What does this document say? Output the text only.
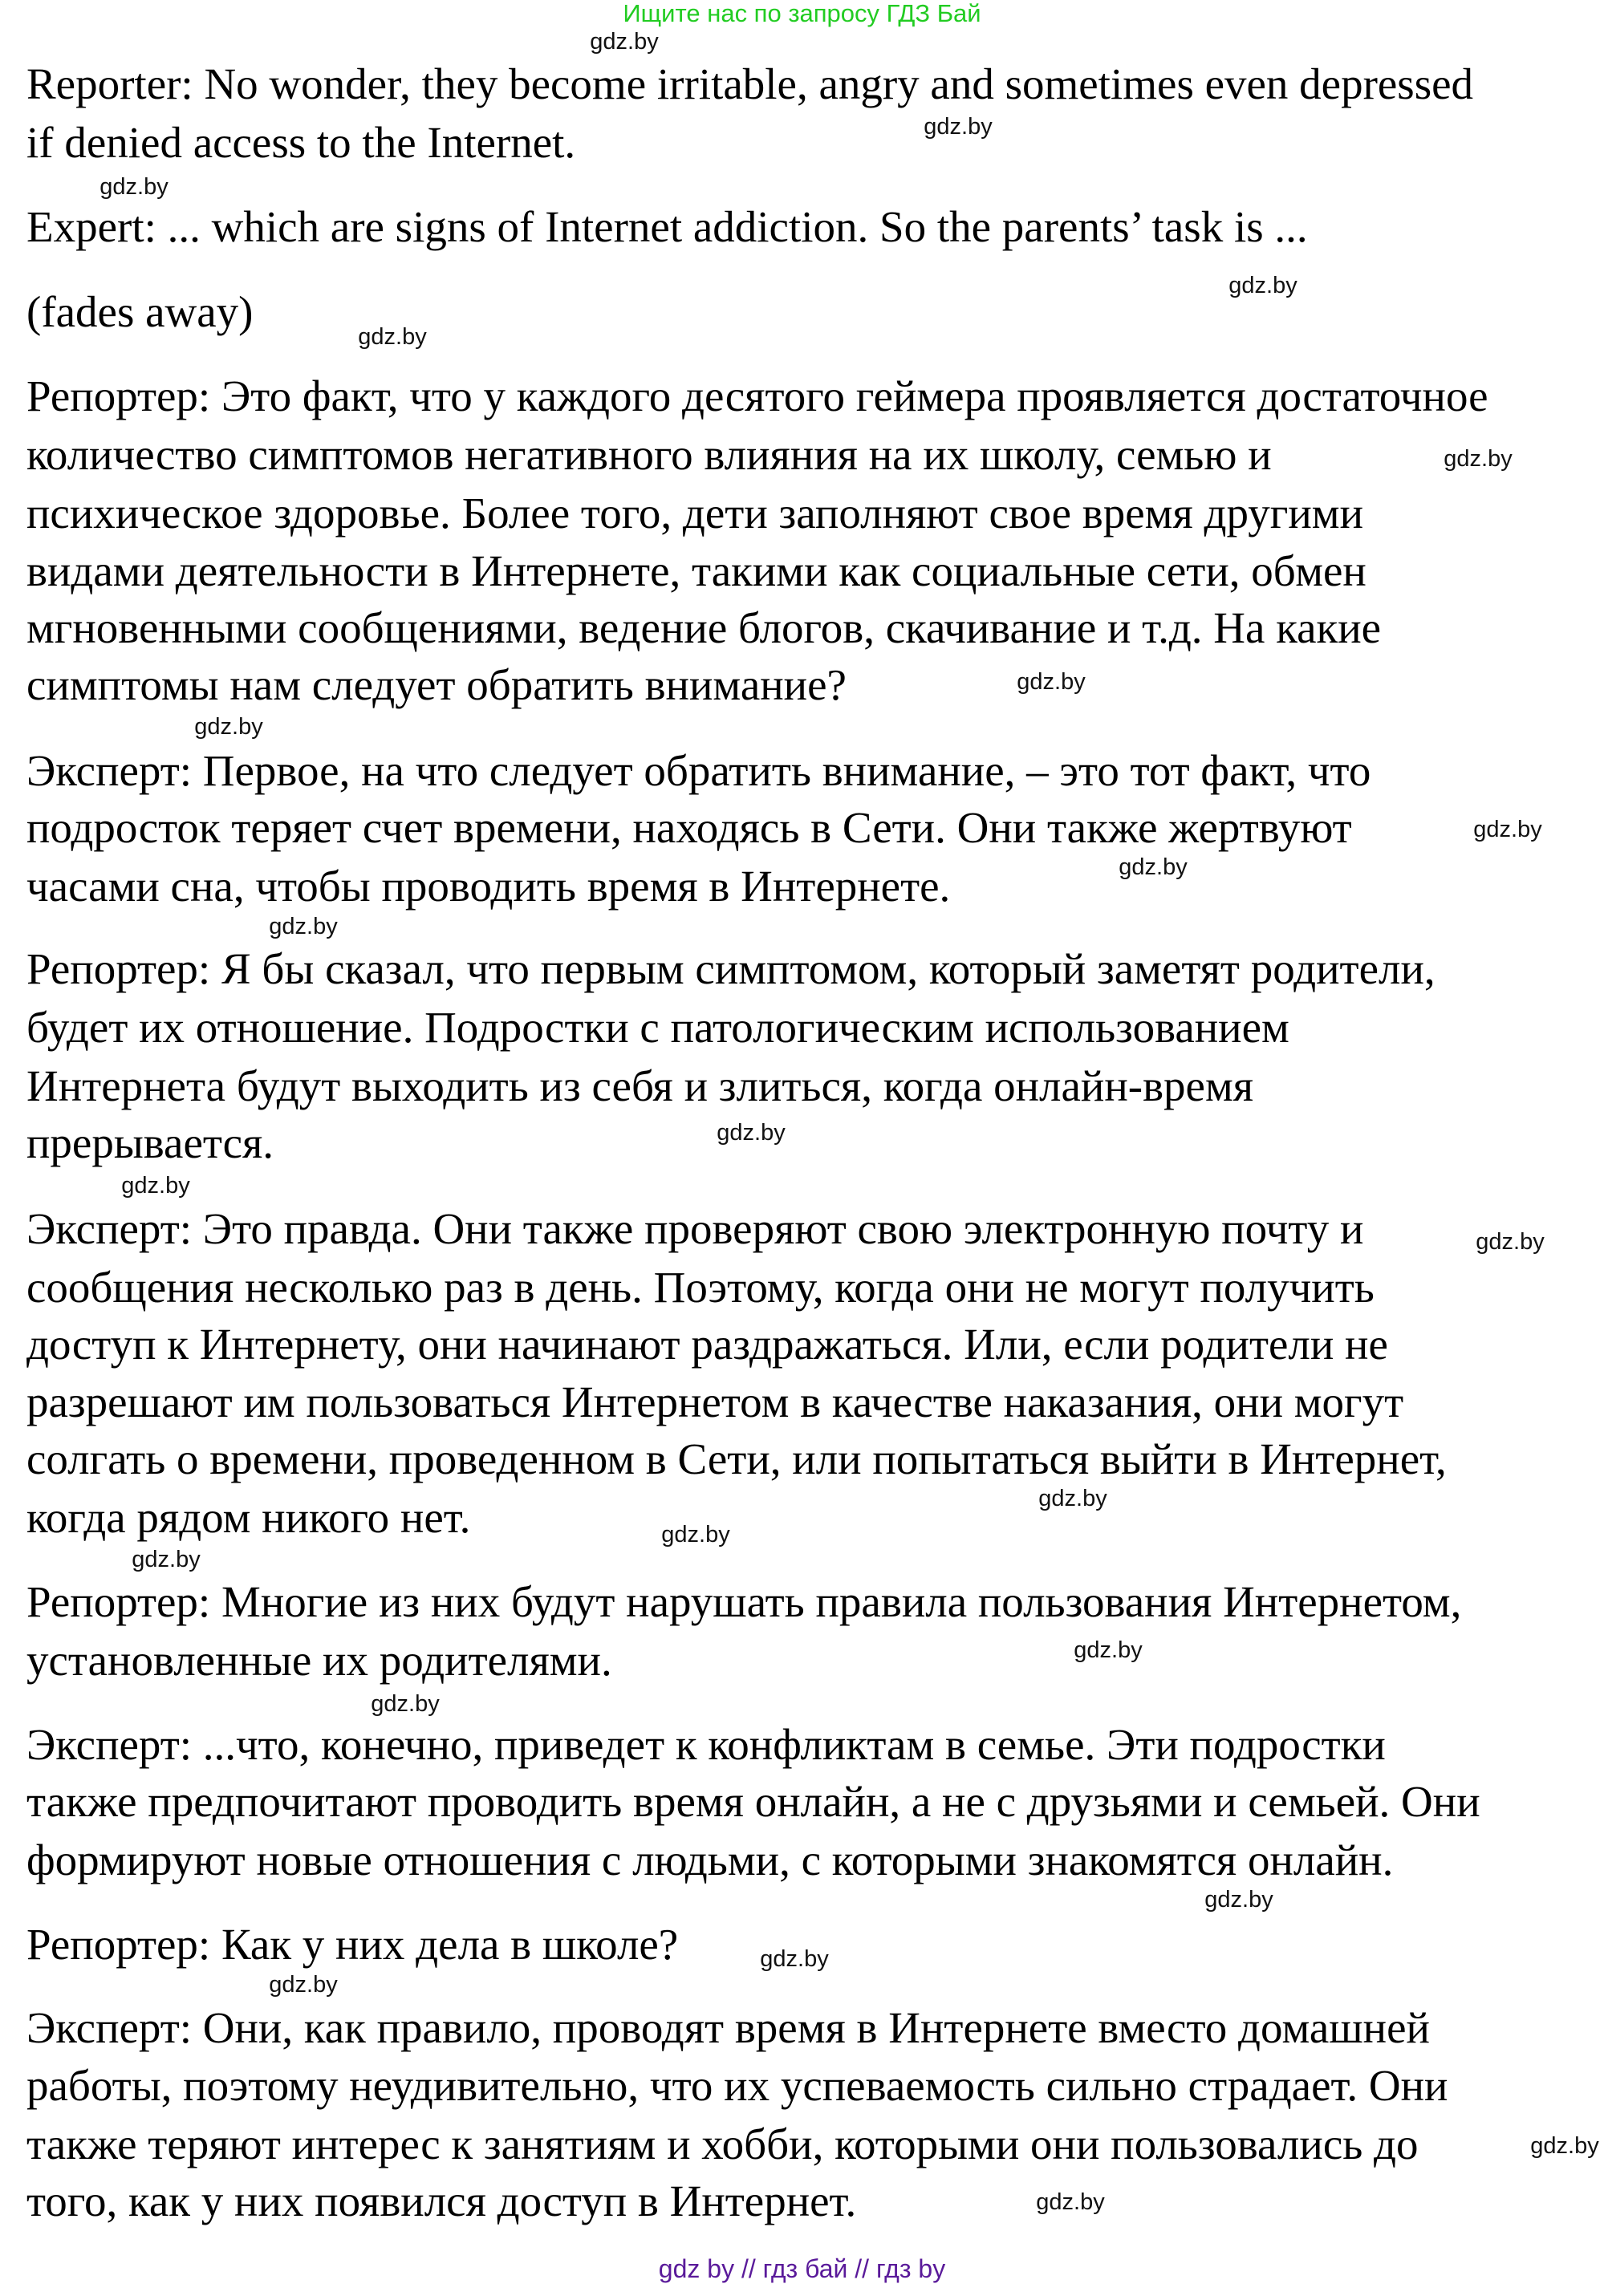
Ищите нас по запросу ГДЗ Бай
Reporter: No wonder, they become irritable, angry and sometimes even depressed
if denied access to the Internet.
Expert: ... which are signs of Internet addiction. So the parents’ task is ...
(fades away)
Репортер: Это факт, что у каждого десятого геймера проявляется достаточное
количество симптомов негативного влияния на их школу, семью и
психическое здоровье. Более того, дети заполняют свое время другими
видами деятельности в Интернете, такими как социальные сети, обмен
мгновенными сообщениями, ведение блогов, скачивание и т.д. На какие
симптомы нам следует обратить внимание?
Эксперт: Первое, на что следует обратить внимание, – это тот факт, что
подросток теряет счет времени, находясь в Сети. Они также жертвуют
часами сна, чтобы проводить время в Интернете.
Репортер: Я бы сказал, что первым симптомом, который заметят родители,
будет их отношение. Подростки с патологическим использованием
Интернета будут выходить из себя и злиться, когда онлайн-время
прерывается.
Эксперт: Это правда. Они также проверяют свою электронную почту и
сообщения несколько раз в день. Поэтому, когда они не могут получить
доступ к Интернету, они начинают раздражаться. Или, если родители не
разрешают им пользоваться Интернетом в качестве наказания, они могут
солгать о времени, проведенном в Сети, или попытаться выйти в Интернет,
когда рядом никого нет.
Репортер: Многие из них будут нарушать правила пользования Интернетом,
установленные их родителями.
Эксперт: ...что, конечно, приведет к конфликтам в семье. Эти подростки
также предпочитают проводить время онлайн, а не с друзьями и семьей. Они
формируют новые отношения с людьми, с которыми знакомятся онлайн.
Репортер: Как у них дела в школе?
Эксперт: Они, как правило, проводят время в Интернете вместо домашней
работы, поэтому неудивительно, что их успеваемость сильно страдает. Они
также теряют интерес к занятиям и хобби, которыми они пользовались до
того, как у них появился доступ в Интернет.
gdz.by
gdz.by
gdz.by
gdz.by
gdz.by
gdz.by
gdz.by
gdz.by
gdz.by
gdz.by
gdz.by
gdz.by
gdz.by
gdz.by
gdz.by
gdz.by
gdz.by
gdz.by
gdz.by
gdz.by
gdz.by
gdz.by
gdz.by
gdz.by
gdz by // гдз бай // гдз by
